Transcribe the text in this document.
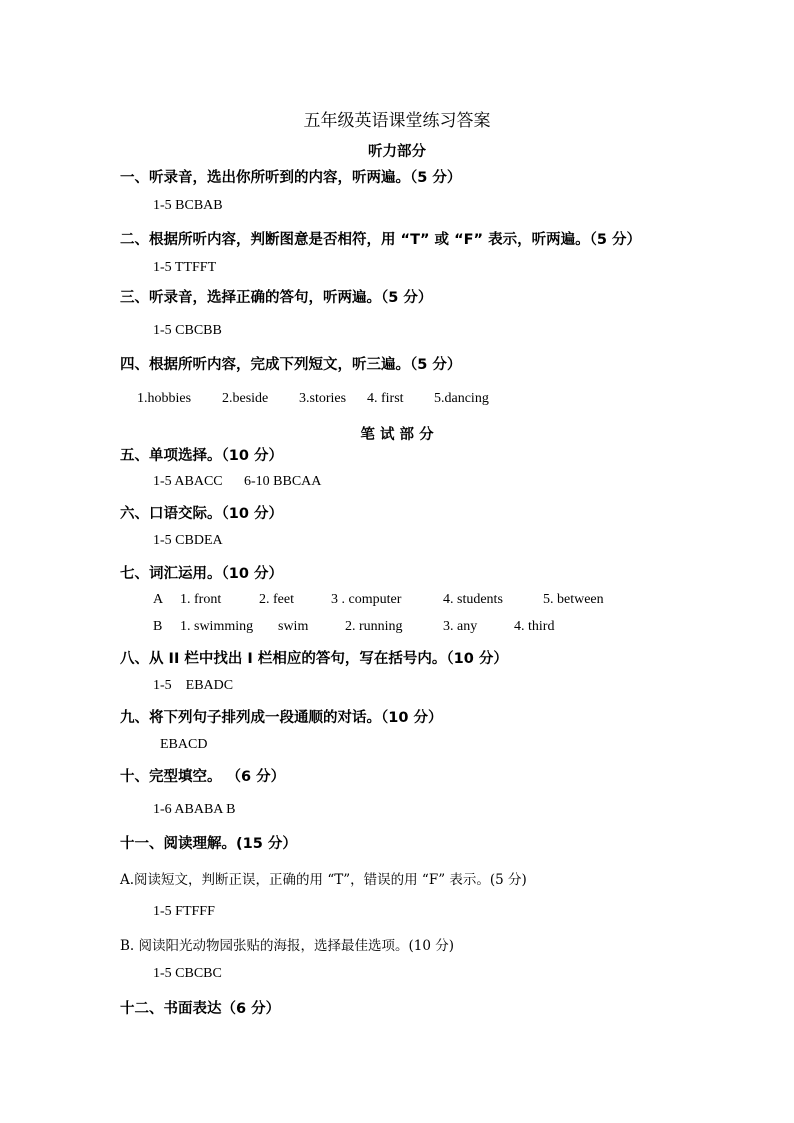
五年级英语课堂练习答案
听力部分
一、听录音，选出你所听到的内容，听两遍。（5 分）
1-5 BCBAB
二、根据所听内容，判断图意是否相符，用 “T” 或 “F” 表示，听两遍。（5 分）
1-5 TTFFT
三、听录音，选择正确的答句，听两遍。（5 分）
1-5 CBCBB
四、根据所听内容，完成下列短文，听三遍。（5 分）
1.hobbies 2.beside 3.stories 4. first 5.dancing
笔 试 部 分
五、单项选择。（10 分）
1-5 ABACC 6-10 BBCAA
六、口语交际。（10 分）
1-5 CBDEA
七、词汇运用。（10 分）
A 1. front	2. feet	3 . computer	4. students	5. between
B 1. swimming swim	2. running	3. any	4. third
八、从 II 栏中找出 I 栏相应的答句，写在括号内。（10 分）
1-5    EBADC
九、将下列句子排列成一段通顺的对话。（10 分）
EBACD
十、完型填空。 （6 分）
1-6 ABABA B
十一、阅读理解。(15 分）
A.阅读短文，判断正误，正确的用 “T”，错误的用 “F” 表示。(5 分)
1-5 FTFFF
B. 阅读阳光动物园张贴的海报，选择最佳选项。(10 分)
1-5 CBCBC
十二、书面表达（6 分）
